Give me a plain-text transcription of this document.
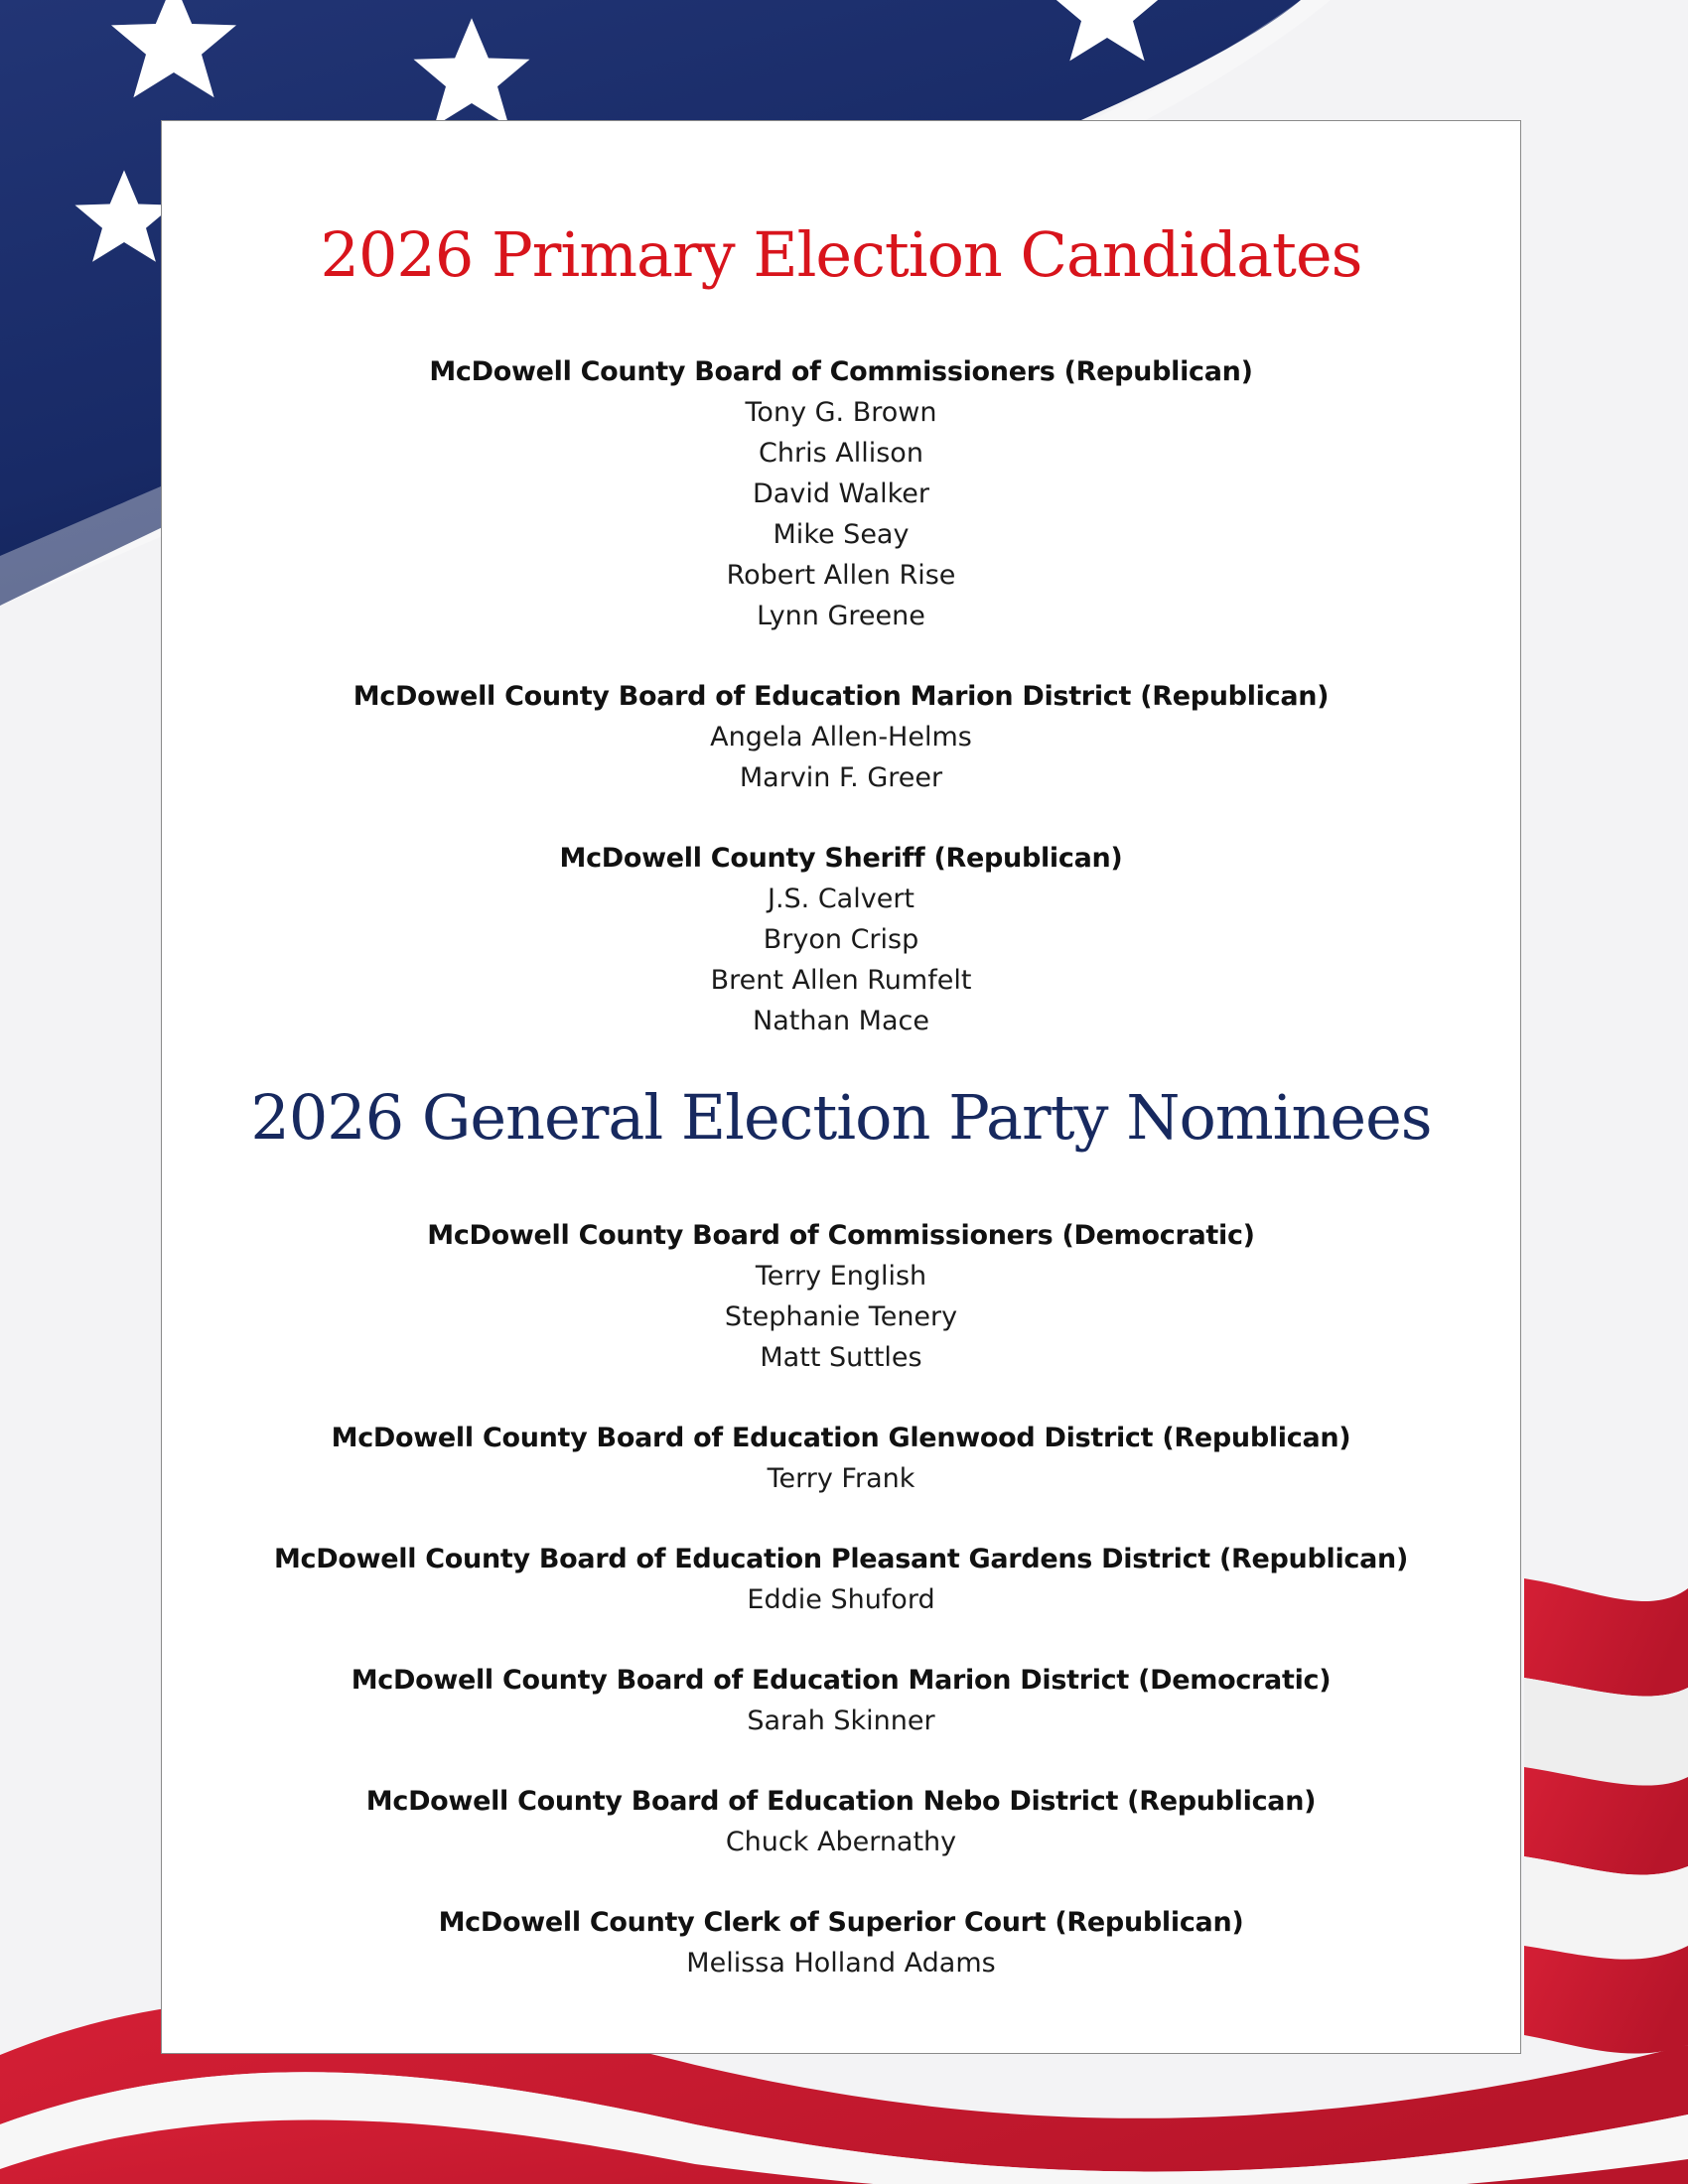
2026 Primary Election Candidates
McDowell County Board of Commissioners (Republican)
Tony G. Brown
Chris Allison
David Walker
Mike Seay
Robert Allen Rise
Lynn Greene
McDowell County Board of Education Marion District (Republican)
Angela Allen-Helms
Marvin F. Greer
McDowell County Sheriff (Republican)
J.S. Calvert
Bryon Crisp
Brent Allen Rumfelt
Nathan Mace
2026 General Election Party Nominees
McDowell County Board of Commissioners (Democratic)
Terry English
Stephanie Tenery
Matt Suttles
McDowell County Board of Education Glenwood District (Republican)
Terry Frank
McDowell County Board of Education Pleasant Gardens District (Republican)
Eddie Shuford
McDowell County Board of Education Marion District (Democratic)
Sarah Skinner
McDowell County Board of Education Nebo District (Republican)
Chuck Abernathy
McDowell County Clerk of Superior Court (Republican)
Melissa Holland Adams
